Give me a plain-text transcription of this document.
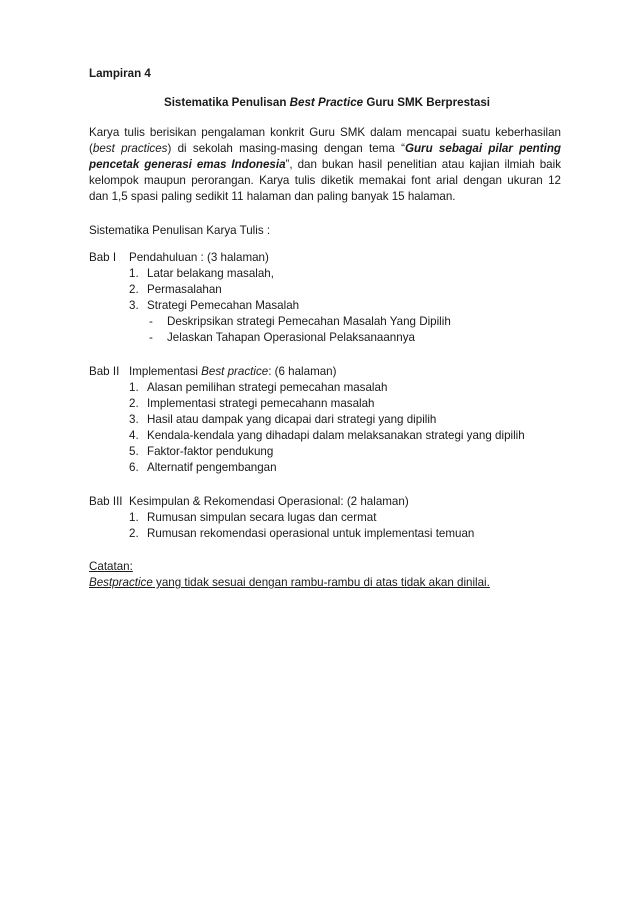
Lampiran 4
Sistematika Penulisan Best Practice Guru SMK Berprestasi
Karya tulis berisikan pengalaman konkrit Guru SMK dalam mencapai suatu keberhasilan
(best practices) di sekolah masing-masing dengan tema “Guru sebagai pilar penting
pencetak generasi emas Indonesia”, dan bukan hasil penelitian atau kajian ilmiah baik
kelompok maupun perorangan. Karya tulis diketik memakai font arial dengan ukuran 12
dan 1,5 spasi paling sedikit 11 halaman dan paling banyak 15 halaman.
Sistematika Penulisan Karya Tulis :
Bab I Pendahuluan : (3 halaman)
1. Latar belakang masalah,
2. Permasalahan
3. Strategi Pemecahan Masalah
-	Deskripsikan strategi Pemecahan Masalah Yang Dipilih
-	Jelaskan Tahapan Operasional Pelaksanaannya
Bab II Implementasi Best practice: (6 halaman)
1. Alasan pemilihan strategi pemecahan masalah
2. Implementasi strategi pemecahann masalah
3. Hasil atau dampak yang dicapai dari strategi yang dipilih
4. Kendala-kendala yang dihadapi dalam melaksanakan strategi yang dipilih
5. Faktor-faktor pendukung
6. Alternatif pengembangan
Bab III Kesimpulan & Rekomendasi Operasional: (2 halaman)
1. Rumusan simpulan secara lugas dan cermat
2. Rumusan rekomendasi operasional untuk implementasi temuan
Catatan:
Bestpractice yang tidak sesuai dengan rambu-rambu di atas tidak akan dinilai.
